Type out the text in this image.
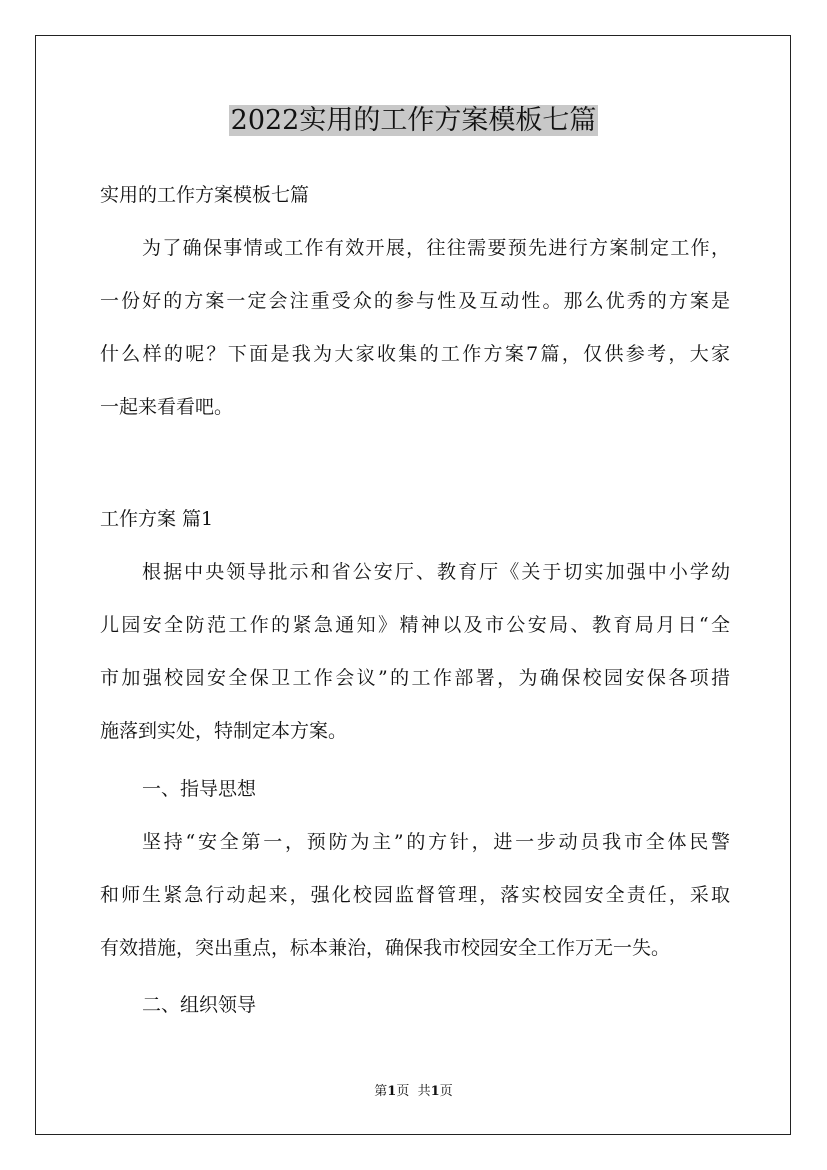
2022实用的工作方案模板七篇

实用的工作方案模板七篇

为了确保事情或工作有效开展，往往需要预先进行方案制定工作，

一份好的方案一定会注重受众的参与性及互动性。那么优秀的方案是

什么样的呢？下面是我为大家收集的工作方案7篇，仅供参考，大家

一起来看看吧。

工作方案 篇1

根据中央领导批示和省公安厅、教育厅《关于切实加强中小学幼

儿园安全防范工作的紧急通知》精神以及市公安局、教育局月日“全

市加强校园安全保卫工作会议”的工作部署，为确保校园安保各项措

施落到实处，特制定本方案。

一、指导思想

坚持“安全第一，预防为主”的方针，进一步动员我市全体民警

和师生紧急行动起来，强化校园监督管理，落实校园安全责任，采取

有效措施，突出重点，标本兼治，确保我市校园安全工作万无一失。

二、组织领导

第1页 共1页
